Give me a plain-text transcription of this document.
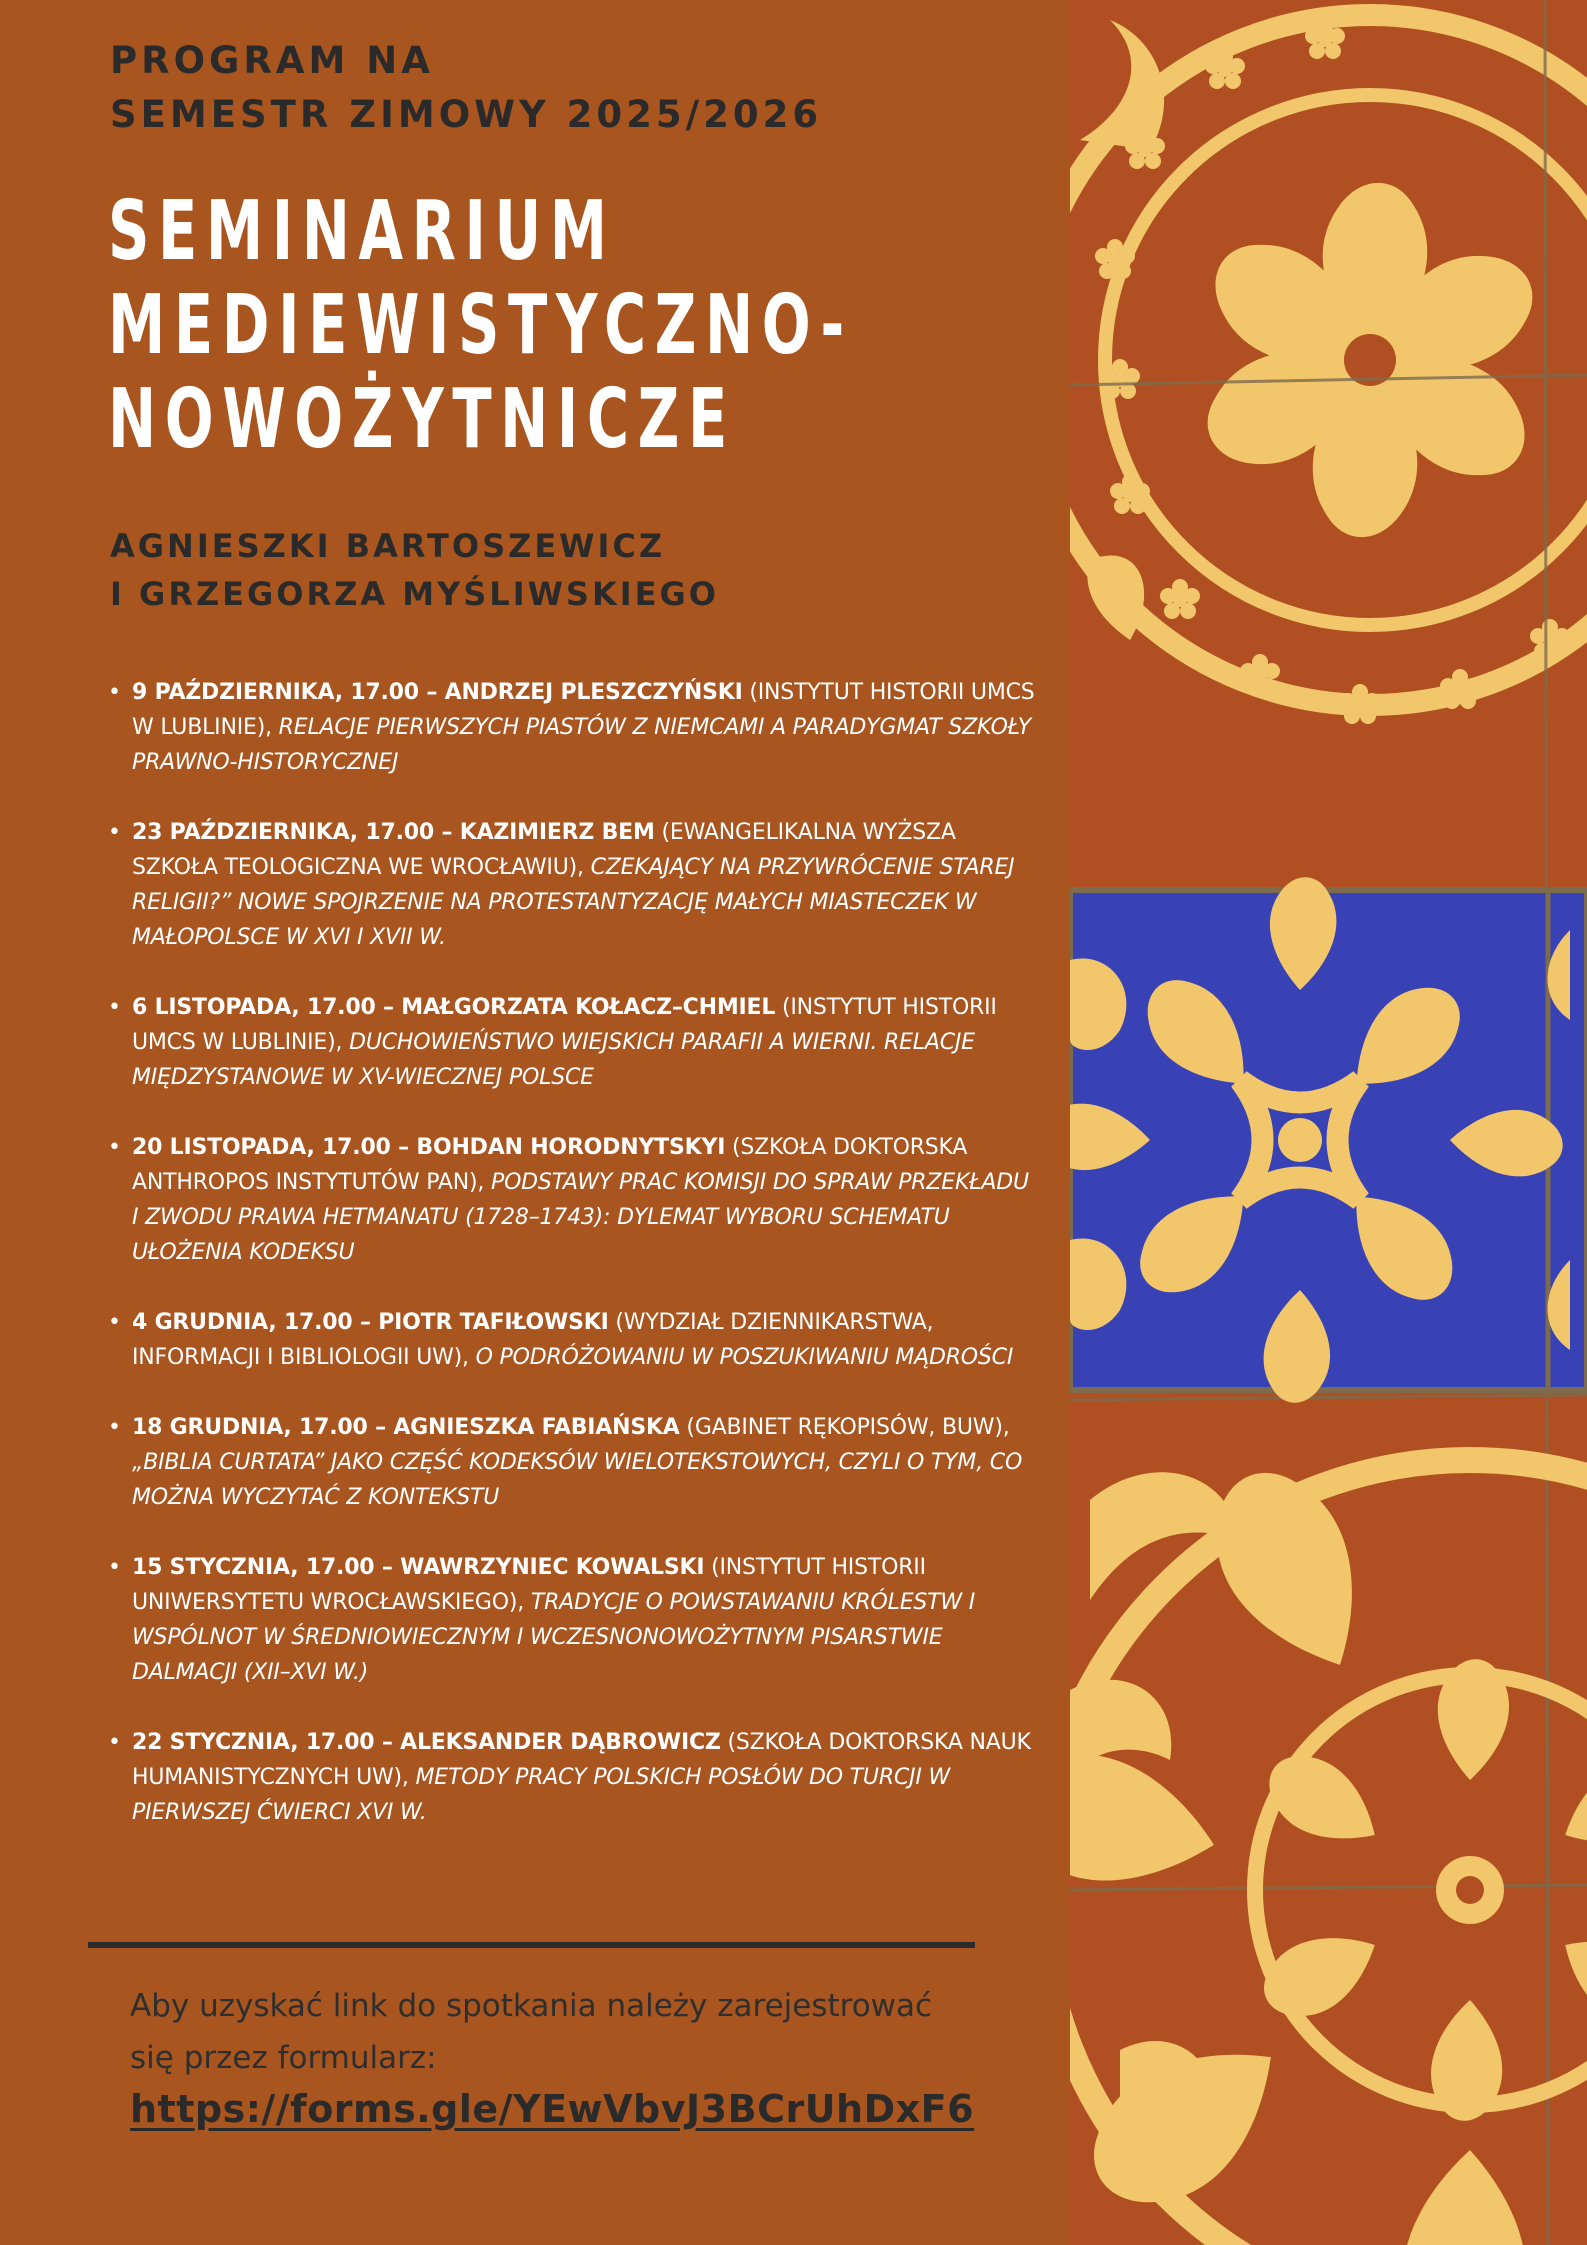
PROGRAM NA
SEMESTR ZIMOWY 2025/2026
SEMINARIUM
MEDIEWISTYCZNO-
NOWOŻYTNICZE
AGNIESZKI BARTOSZEWICZ
I GRZEGORZA MYŚLIWSKIEGO
• 9 PAŹDZIERNIKA, 17.00 – ANDRZEJ PLESZCZYŃSKI (INSTYTUT HISTORII UMCS W LUBLINIE), RELACJE PIERWSZYCH PIASTÓW Z NIEMCAMI A PARADYGMAT SZKOŁY PRAWNO-HISTORYCZNEJ
• 23 PAŹDZIERNIKA, 17.00 – KAZIMIERZ BEM (EWANGELIKALNA WYŻSZA SZKOŁA TEOLOGICZNA WE WROCŁAWIU), CZEKAJĄCY NA PRZYWRÓCENIE STAREJ RELIGII?” NOWE SPOJRZENIE NA PROTESTANTYZACJĘ MAŁYCH MIASTECZEK W MAŁOPOLSCE W XVI I XVII W.
• 6 LISTOPADA, 17.00 – MAŁGORZATA KOŁACZ–CHMIEL (INSTYTUT HISTORII UMCS W LUBLINIE), DUCHOWIEŃSTWO WIEJSKICH PARAFII A WIERNI. RELACJE MIĘDZYSTANOWE W XV-WIECZNEJ POLSCE
• 20 LISTOPADA, 17.00 – BOHDAN HORODNYTSKYI (SZKOŁA DOKTORSKA ANTHROPOS INSTYTUTÓW PAN), PODSTAWY PRAC KOMISJI DO SPRAW PRZEKŁADU I ZWODU PRAWA HETMANATU (1728–1743): DYLEMAT WYBORU SCHEMATU UŁOŻENIA KODEKSU
• 4 GRUDNIA, 17.00 – PIOTR TAFIŁOWSKI (WYDZIAŁ DZIENNIKARSTWA, INFORMACJI I BIBLIOLOGII UW), O PODRÓŻOWANIU W POSZUKIWANIU MĄDROŚCI
• 18 GRUDNIA, 17.00 – AGNIESZKA FABIAŃSKA (GABINET RĘKOPISÓW, BUW), „BIBLIA CURTATA” JAKO CZĘŚĆ KODEKSÓW WIELOTEKSTOWYCH, CZYLI O TYM, CO MOŻNA WYCZYTAĆ Z KONTEKSTU
• 15 STYCZNIA, 17.00 – WAWRZYNIEC KOWALSKI (INSTYTUT HISTORII UNIWERSYTETU WROCŁAWSKIEGO), TRADYCJE O POWSTAWANIU KRÓLESTW I WSPÓLNOT W ŚREDNIOWIECZNYM I WCZESNONOWOŻYTNYM PISARSTWIE DALMACJI (XII–XVI W.)
• 22 STYCZNIA, 17.00 – ALEKSANDER DĄBROWICZ (SZKOŁA DOKTORSKA NAUK HUMANISTYCZNYCH UW), METODY PRACY POLSKICH POSŁÓW DO TURCJI W PIERWSZEJ ĆWIERCI XVI W.
Aby uzyskać link do spotkania należy zarejestrować
się przez formularz:
https://forms.gle/YEwVbvJ3BCrUhDxF6
